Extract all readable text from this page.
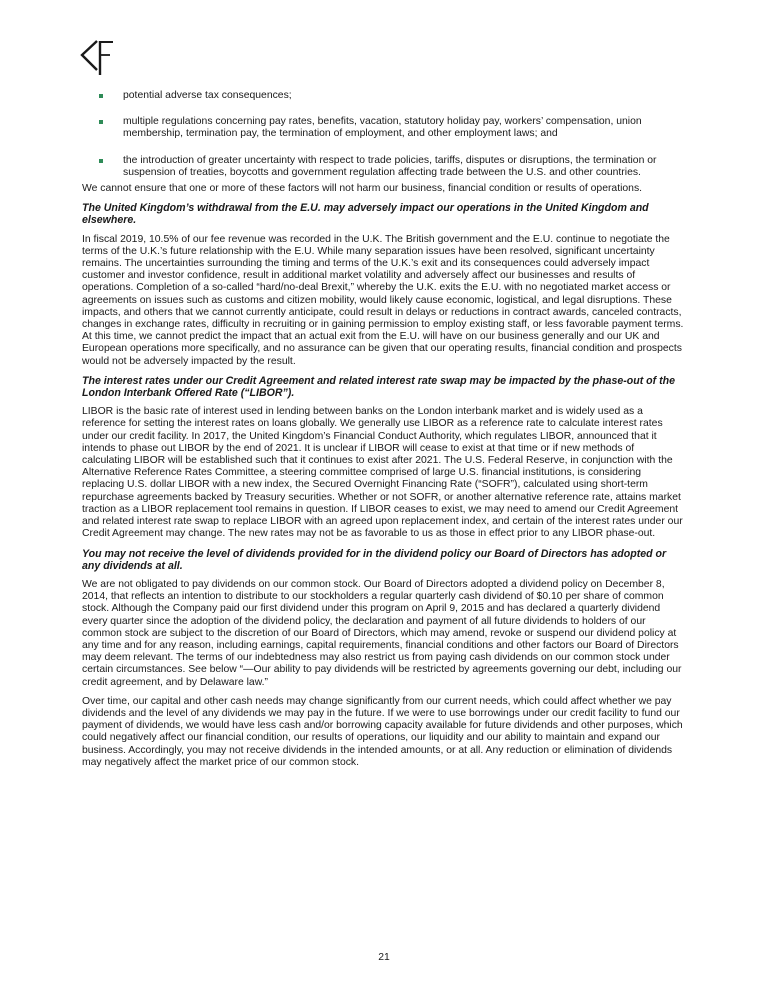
potential adverse tax consequences;
multiple regulations concerning pay rates, benefits, vacation, statutory holiday pay, workers’ compensation, union membership, termination pay, the termination of employment, and other employment laws; and
the introduction of greater uncertainty with respect to trade policies, tariffs, disputes or disruptions, the termination or suspension of treaties, boycotts and government regulation affecting trade between the U.S. and other countries.

We cannot ensure that one or more of these factors will not harm our business, financial condition or results of operations.

The United Kingdom’s withdrawal from the E.U. may adversely impact our operations in the United Kingdom and elsewhere.

In fiscal 2019, 10.5% of our fee revenue was recorded in the U.K. The British government and the E.U. continue to negotiate the terms of the U.K.’s future relationship with the E.U. While many separation issues have been resolved, significant uncertainty remains. The uncertainties surrounding the timing and terms of the U.K.’s exit and its consequences could adversely impact customer and investor confidence, result in additional market volatility and adversely affect our businesses and results of operations. Completion of a so-called “hard/no-deal Brexit,” whereby the U.K. exits the E.U. with no negotiated market access or agreements on issues such as customs and citizen mobility, would likely cause economic, logistical, and legal disruptions. These impacts, and others that we cannot currently anticipate, could result in delays or reductions in contract awards, canceled contracts, changes in exchange rates, difficulty in recruiting or in gaining permission to employ existing staff, or less favorable payment terms. At this time, we cannot predict the impact that an actual exit from the E.U. will have on our business generally and our UK and European operations more specifically, and no assurance can be given that our operating results, financial condition and prospects would not be adversely impacted by the result.

The interest rates under our Credit Agreement and related interest rate swap may be impacted by the phase-out of the London Interbank Offered Rate (“LIBOR”).

LIBOR is the basic rate of interest used in lending between banks on the London interbank market and is widely used as a reference for setting the interest rates on loans globally. We generally use LIBOR as a reference rate to calculate interest rates under our credit facility. In 2017, the United Kingdom’s Financial Conduct Authority, which regulates LIBOR, announced that it intends to phase out LIBOR by the end of 2021. It is unclear if LIBOR will cease to exist at that time or if new methods of calculating LIBOR will be established such that it continues to exist after 2021. The U.S. Federal Reserve, in conjunction with the Alternative Reference Rates Committee, a steering committee comprised of large U.S. financial institutions, is considering replacing U.S. dollar LIBOR with a new index, the Secured Overnight Financing Rate (“SOFR”), calculated using short-term repurchase agreements backed by Treasury securities. Whether or not SOFR, or another alternative reference rate, attains market traction as a LIBOR replacement tool remains in question. If LIBOR ceases to exist, we may need to amend our Credit Agreement and related interest rate swap to replace LIBOR with an agreed upon replacement index, and certain of the interest rates under our Credit Agreement may change. The new rates may not be as favorable to us as those in effect prior to any LIBOR phase-out.

You may not receive the level of dividends provided for in the dividend policy our Board of Directors has adopted or any dividends at all.

We are not obligated to pay dividends on our common stock. Our Board of Directors adopted a dividend policy on December 8, 2014, that reflects an intention to distribute to our stockholders a regular quarterly cash dividend of $0.10 per share of common stock. Although the Company paid our first dividend under this program on April 9, 2015 and has declared a quarterly dividend every quarter since the adoption of the dividend policy, the declaration and payment of all future dividends to holders of our common stock are subject to the discretion of our Board of Directors, which may amend, revoke or suspend our dividend policy at any time and for any reason, including earnings, capital requirements, financial conditions and other factors our Board of Directors may deem relevant. The terms of our indebtedness may also restrict us from paying cash dividends on our common stock under certain circumstances. See below “—Our ability to pay dividends will be restricted by agreements governing our debt, including our credit agreement, and by Delaware law.”

Over time, our capital and other cash needs may change significantly from our current needs, which could affect whether we pay dividends and the level of any dividends we may pay in the future. If we were to use borrowings under our credit facility to fund our payment of dividends, we would have less cash and/or borrowing capacity available for future dividends and other purposes, which could negatively affect our financial condition, our results of operations, our liquidity and our ability to maintain and expand our business. Accordingly, you may not receive dividends in the intended amounts, or at all. Any reduction or elimination of dividends may negatively affect the market price of our common stock.

21
